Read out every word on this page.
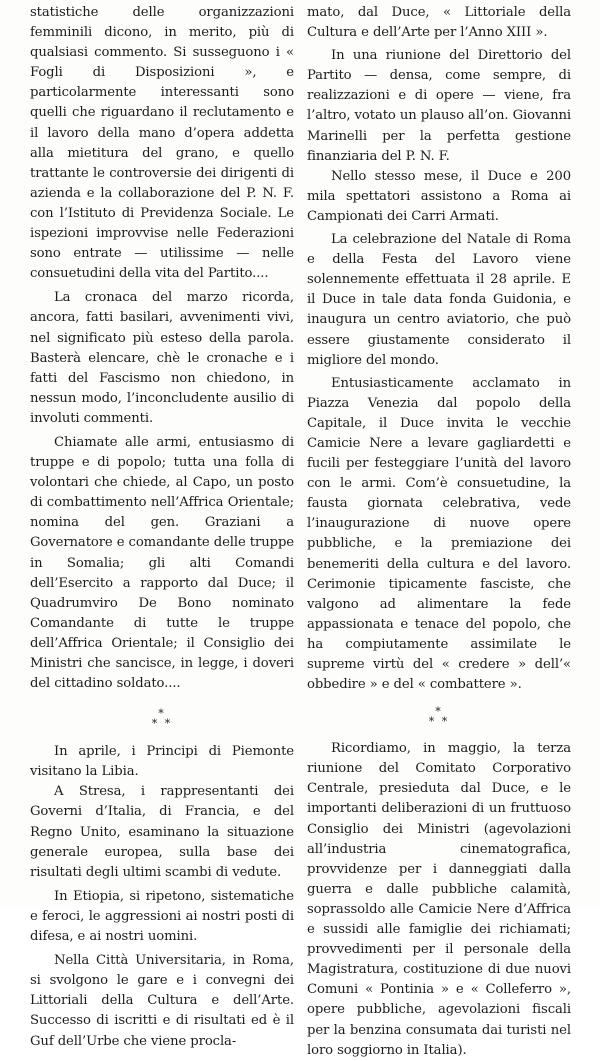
statistiche delle organizzazioni femminili dicono, in merito, più di qualsiasi commento. Si susseguono i « Fogli di Disposizioni », e particolarmente interessanti sono quelli che riguardano il reclutamento e il lavoro della mano d’opera addetta alla mietitura del grano, e quello trattante le controversie dei dirigenti di azienda e la collaborazione del P. N. F. con l’Istituto di Previdenza Sociale. Le ispezioni improvvise nelle Federazioni sono entrate — utilissime — nelle consuetudini della vita del Partito....

La cronaca del marzo ricorda, ancora, fatti basilari, avvenimenti vivi, nel significato più esteso della parola. Basterà elencare, chè le cronache e i fatti del Fascismo non chiedono, in nessun modo, l’inconcludente ausilio di involuti commenti.

Chiamate alle armi, entusiasmo di truppe e di popolo; tutta una folla di volontari che chiede, al Capo, un posto di combattimento nell’Affrica Orientale; nomina del gen. Graziani a Governatore e comandante delle truppe in Somalia; gli alti Comandi dell’Esercito a rapporto dal Duce; il Quadrumviro De Bono nominato Comandante di tutte le truppe dell’Affrica Orientale; il Consiglio dei Ministri che sancisce, in legge, i doveri del cittadino soldato....

*
* *

In aprile, i Principi di Piemonte visitano la Libia.

A Stresa, i rappresentanti dei Governi d’Italia, di Francia, e del Regno Unito, esaminano la situazione generale europea, sulla base dei risultati degli ultimi scambi di vedute.

In Etiopia, si ripetono, sistematiche e feroci, le aggressioni ai nostri posti di difesa, e ai nostri uomini.

Nella Città Universitaria, in Roma, si svolgono le gare e i convegni dei Littoriali della Cultura e dell’Arte. Successo di iscritti e di risultati ed è il Guf dell’Urbe che viene procla-

mato, dal Duce, « Littoriale della Cultura e dell’Arte per l’Anno XIII ».

In una riunione del Direttorio del Partito — densa, come sempre, di realizzazioni e di opere — viene, fra l’altro, votato un plauso all’on. Giovanni Marinelli per la perfetta gestione finanziaria del P. N. F.

Nello stesso mese, il Duce e 200 mila spettatori assistono a Roma ai Campionati dei Carri Armati.

La celebrazione del Natale di Roma e della Festa del Lavoro viene solennemente effettuata il 28 aprile. E il Duce in tale data fonda Guidonia, e inaugura un centro aviatorio, che può essere giustamente considerato il migliore del mondo.

Entusiasticamente acclamato in Piazza Venezia dal popolo della Capitale, il Duce invita le vecchie Camicie Nere a levare gagliardetti e fucili per festeggiare l’unità del lavoro con le armi. Com’è consuetudine, la fausta giornata celebrativa, vede l’inaugurazione di nuove opere pubbliche, e la premiazione dei benemeriti della cultura e del lavoro. Cerimonie tipicamente fasciste, che valgono ad alimentare la fede appassionata e tenace del popolo, che ha compiutamente assimilate le supreme virtù del « credere » dell’« obbedire » e del « combattere ».

*
* *

Ricordiamo, in maggio, la terza riunione del Comitato Corporativo Centrale, presieduta dal Duce, e le importanti deliberazioni di un fruttuoso Consiglio dei Ministri (agevolazioni all’industria cinematografica, provvidenze per i danneggiati dalla guerra e dalle pubbliche calamità, soprassoldo alle Camicie Nere d’Affrica e sussidi alle famiglie dei richiamati; provvedimenti per il personale della Magistratura, costituzione di due nuovi Comuni « Pontinia » e « Colleferro », opere pubbliche, agevolazioni fiscali per la benzina consumata dai turisti nel loro soggiorno in Italia).
